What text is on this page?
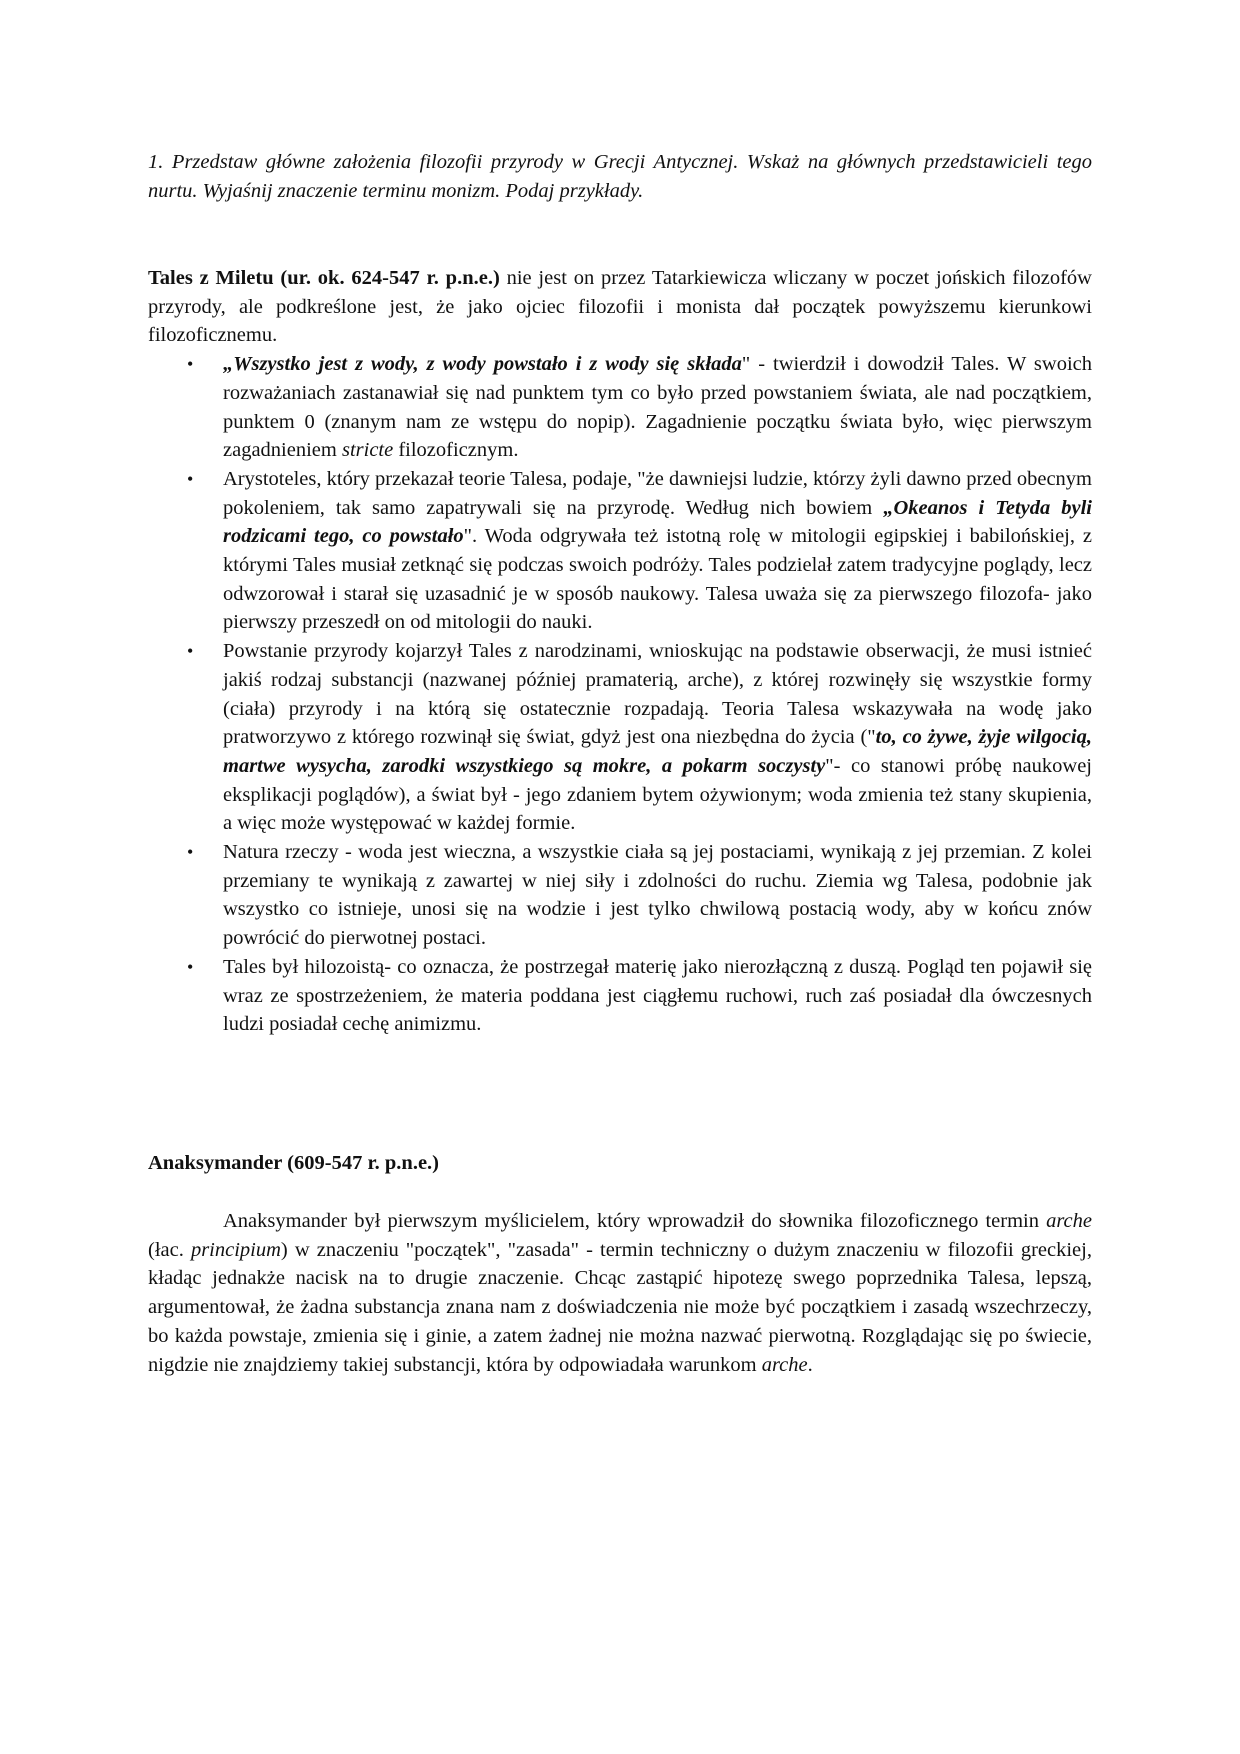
1. Przedstaw główne założenia filozofii przyrody w Grecji Antycznej. Wskaż na głównych przedstawicieli tego nurtu. Wyjaśnij znaczenie terminu monizm. Podaj przykłady.

Tales z Miletu (ur. ok. 624-547 r. p.n.e.) nie jest on przez Tatarkiewicza wliczany w poczet jońskich filozofów przyrody, ale podkreślone jest, że jako ojciec filozofii i monista dał początek powyższemu kierunkowi filozoficznemu.

• „Wszystko jest z wody, z wody powstało i z wody się składa" - twierdził i dowodził Tales. W swoich rozważaniach zastanawiał się nad punktem tym co było przed powstaniem świata, ale nad początkiem, punktem 0 (znanym nam ze wstępu do nopip). Zagadnienie początku świata było, więc pierwszym zagadnieniem stricte filozoficznym.
• Arystoteles, który przekazał teorie Talesa, podaje, "że dawniejsi ludzie, którzy żyli dawno przed obecnym pokoleniem, tak samo zapatrywali się na przyrodę. Według nich bowiem „Okeanos i Tetyda byli rodzicami tego, co powstało". Woda odgrywała też istotną rolę w mitologii egipskiej i babilońskiej, z którymi Tales musiał zetknąć się podczas swoich podróży. Tales podzielał zatem tradycyjne poglądy, lecz odwzorował i starał się uzasadnić je w sposób naukowy. Talesa uważa się za pierwszego filozofa- jako pierwszy przeszedł on od mitologii do nauki.
• Powstanie przyrody kojarzył Tales z narodzinami, wnioskując na podstawie obserwacji, że musi istnieć jakiś rodzaj substancji (nazwanej później pramaterią, arche), z której rozwinęły się wszystkie formy (ciała) przyrody i na którą się ostatecznie rozpadają. Teoria Talesa wskazywała na wodę jako pratworzywo z którego rozwinął się świat, gdyż jest ona niezbędna do życia ("to, co żywe, żyje wilgocią, martwe wysycha, zarodki wszystkiego są mokre, a pokarm soczysty"- co stanowi próbę naukowej eksplikacji poglądów), a świat był - jego zdaniem bytem ożywionym; woda zmienia też stany skupienia, a więc może występować w każdej formie.
• Natura rzeczy - woda jest wieczna, a wszystkie ciała są jej postaciami, wynikają z jej przemian. Z kolei przemiany te wynikają z zawartej w niej siły i zdolności do ruchu. Ziemia wg Talesa, podobnie jak wszystko co istnieje, unosi się na wodzie i jest tylko chwilową postacią wody, aby w końcu znów powrócić do pierwotnej postaci.
• Tales był hilozoistą- co oznacza, że postrzegał materię jako nierozłączną z duszą. Pogląd ten pojawił się wraz ze spostrzeżeniem, że materia poddana jest ciągłemu ruchowi, ruch zaś posiadał dla ówczesnych ludzi posiadał cechę animizmu.

Anaksymander (609-547 r. p.n.e.)

Anaksymander był pierwszym myślicielem, który wprowadził do słownika filozoficznego termin arche (łac. principium) w znaczeniu "początek", "zasada" - termin techniczny o dużym znaczeniu w filozofii greckiej, kładąc jednakże nacisk na to drugie znaczenie. Chcąc zastąpić hipotezę swego poprzednika Talesa, lepszą, argumentował, że żadna substancja znana nam z doświadczenia nie może być początkiem i zasadą wszechrzeczy, bo każda powstaje, zmienia się i ginie, a zatem żadnej nie można nazwać pierwotną. Rozglądając się po świecie, nigdzie nie znajdziemy takiej substancji, która by odpowiadała warunkom arche.
